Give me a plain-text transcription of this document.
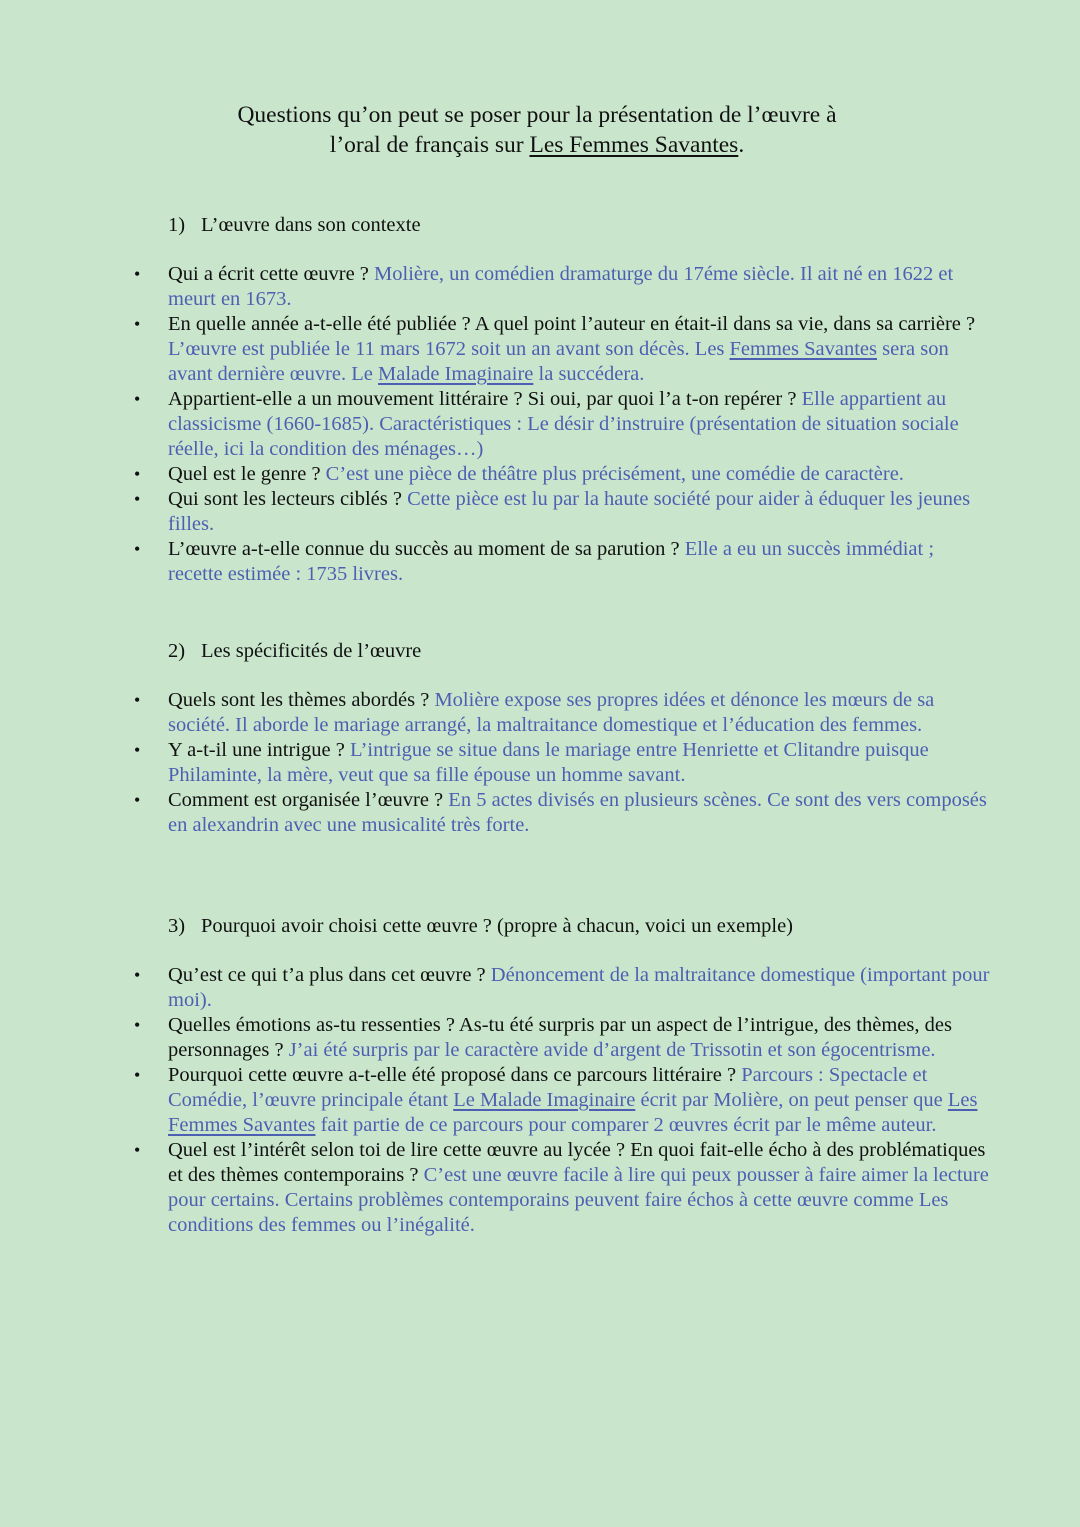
Questions qu’on peut se poser pour la présentation de l’œuvre à
l’oral de français sur Les Femmes Savantes.
1) L’œuvre dans son contexte
• Qui a écrit cette œuvre ? Molière, un comédien dramaturge du 17éme siècle. Il ait né en 1622 et meurt en 1673.
• En quelle année a-t-elle été publiée ? A quel point l’auteur en était-il dans sa vie, dans sa carrière ? L’œuvre est publiée le 11 mars 1672 soit un an avant son décès. Les Femmes Savantes sera son avant dernière œuvre. Le Malade Imaginaire la succédera.
• Appartient-elle a un mouvement littéraire ? Si oui, par quoi l’a t-on repérer ? Elle appartient au classicisme (1660-1685). Caractéristiques : Le désir d’instruire (présentation de situation sociale réelle, ici la condition des ménages…)
• Quel est le genre ? C’est une pièce de théâtre plus précisément, une comédie de caractère.
• Qui sont les lecteurs ciblés ? Cette pièce est lu par la haute société pour aider à éduquer les jeunes filles.
• L’œuvre a-t-elle connue du succès au moment de sa parution ? Elle a eu un succès immédiat ; recette estimée : 1735 livres.
2) Les spécificités de l’œuvre
• Quels sont les thèmes abordés ? Molière expose ses propres idées et dénonce les mœurs de sa société. Il aborde le mariage arrangé, la maltraitance domestique et l’éducation des femmes.
• Y a-t-il une intrigue ? L’intrigue se situe dans le mariage entre Henriette et Clitandre puisque Philaminte, la mère, veut que sa fille épouse un homme savant.
• Comment est organisée l’œuvre ? En 5 actes divisés en plusieurs scènes. Ce sont des vers composés en alexandrin avec une musicalité très forte.
3) Pourquoi avoir choisi cette œuvre ? (propre à chacun, voici un exemple)
• Qu’est ce qui t’a plus dans cet œuvre ? Dénoncement de la maltraitance domestique (important pour moi).
• Quelles émotions as-tu ressenties ? As-tu été surpris par un aspect de l’intrigue, des thèmes, des personnages ? J’ai été surpris par le caractère avide d’argent de Trissotin et son égocentrisme.
• Pourquoi cette œuvre a-t-elle été proposé dans ce parcours littéraire ? Parcours : Spectacle et Comédie, l’œuvre principale étant Le Malade Imaginaire écrit par Molière, on peut penser que Les Femmes Savantes fait partie de ce parcours pour comparer 2 œuvres écrit par le même auteur.
• Quel est l’intérêt selon toi de lire cette œuvre au lycée ? En quoi fait-elle écho à des problématiques et des thèmes contemporains ? C’est une œuvre facile à lire qui peux pousser à faire aimer la lecture pour certains. Certains problèmes contemporains peuvent faire échos à cette œuvre comme Les conditions des femmes ou l’inégalité.
